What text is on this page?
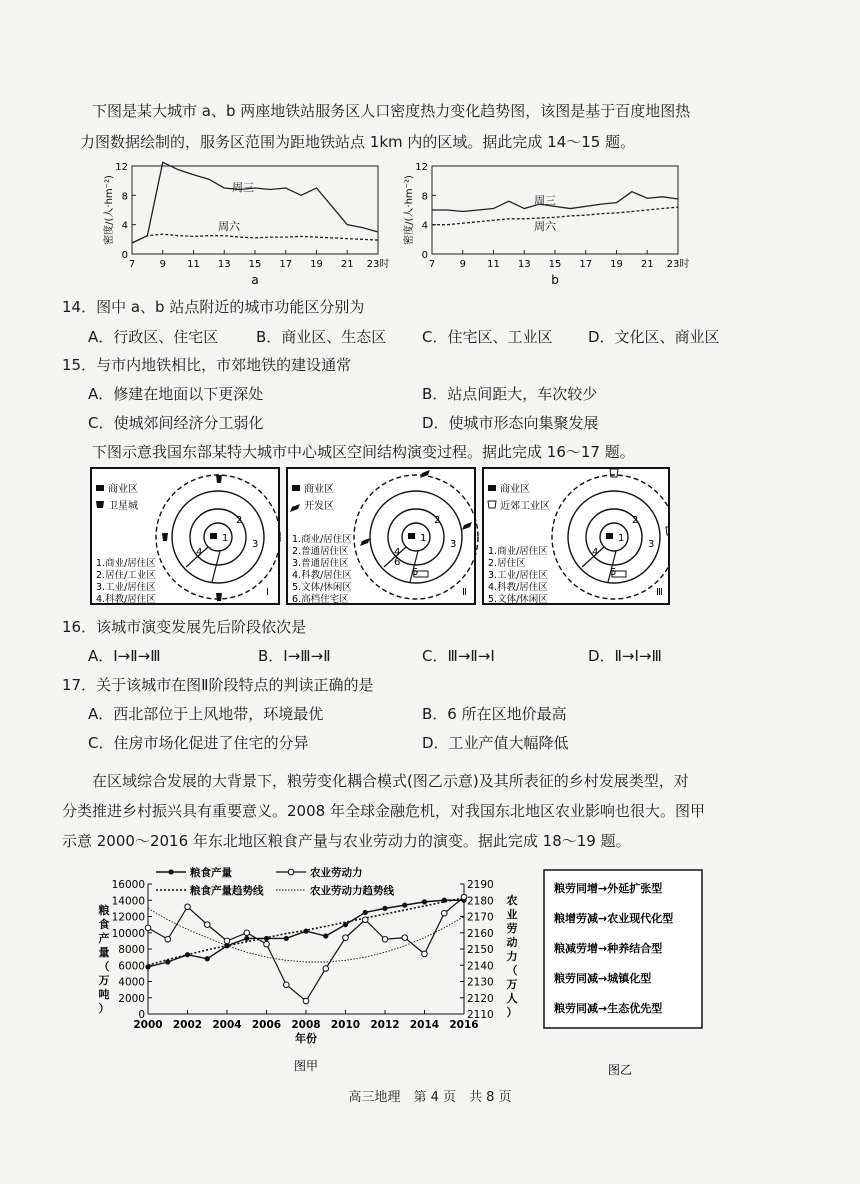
下图是某大城市 a、b 两座地铁站服务区人口密度热力变化趋势图，该图是基于百度地图热
力图数据绘制的，服务区范围为距地铁站点 1km 内的区域。据此完成 14～15 题。
0
4
8
12
7 9 11 13 15 17 19 21 23时
密度/(人·hm⁻²)	周三
周六
a
0
4
8
12
7 9 11 13 15 17 19 21 23时
密度/(人·hm⁻²)	周三
周六
b
14．图中 a、b 站点附近的城市功能区分别为
A．行政区、住宅区	B．商业区、生态区 C．住宅区、工业区 D．文化区、商业区
15．与市内地铁相比，市郊地铁的建设通常
A．修建在地面以下更深处	B．站点间距大，车次较少
C．使城郊间经济分工弱化	D．使城市形态向集聚发展
下图示意我国东部某特大城市中心城区空间结构演变过程。据此完成 16～17 题。
1
2
3
4
Ⅰ
商业区
卫星城
1.商业/居住区
2.居住/工业区
3.工业/居住区
4.科教/居住区
1
2
3
4
5
6
Ⅱ
商业区
开发区
1.商业/居住区
2.普通居住区
3.普通居住区
4.科教/居住区
5.文体/休闲区
6.高档住宅区
1
2
3
4
5
Ⅲ
商业区
近郊工业区
1.商业/居住区
2.居住区
3.工业/居住区
4.科教/居住区
5.文体/休闲区
16．该城市演变发展先后阶段依次是
A．Ⅰ→Ⅱ→Ⅲ	B．Ⅰ→Ⅲ→Ⅱ	C．Ⅲ→Ⅱ→Ⅰ	D．Ⅱ→Ⅰ→Ⅲ
17．关于该城市在图Ⅱ阶段特点的判读正确的是
A．西北部位于上风地带，环境最优	B．6 所在区地价最高
C．住房市场化促进了住宅的分异	D．工业产值大幅降低
在区域综合发展的大背景下，粮劳变化耦合模式(图乙示意)及其所表征的乡村发展类型，对
分类推进乡村振兴具有重要意义。2008 年全球金融危机，对我国东北地区农业影响也很大。图甲
示意 2000～2016 年东北地区粮食产量与农业劳动力的演变。据此完成 18～19 题。
0
2000
4000
6000
8000
10000
12000
14000
16000
2110
2120
2130
2140
2150
2160
2170
2180
2190
2000 2002 2004 2006 2008 2010 2012 2014 2016
年份
粮
食
产
量
（
万
吨
）
农
业
劳
动
力
（
万
人
）
粮食产量	农业劳动力
粮食产量趋势线	农业劳动力趋势线
图甲
粮劳同增→外延扩张型
粮增劳减→农业现代化型
粮减劳增→种养结合型
粮劳同减→城镇化型
粮劳同减→生态优先型
图乙
高三地理　第 4 页　共 8 页
